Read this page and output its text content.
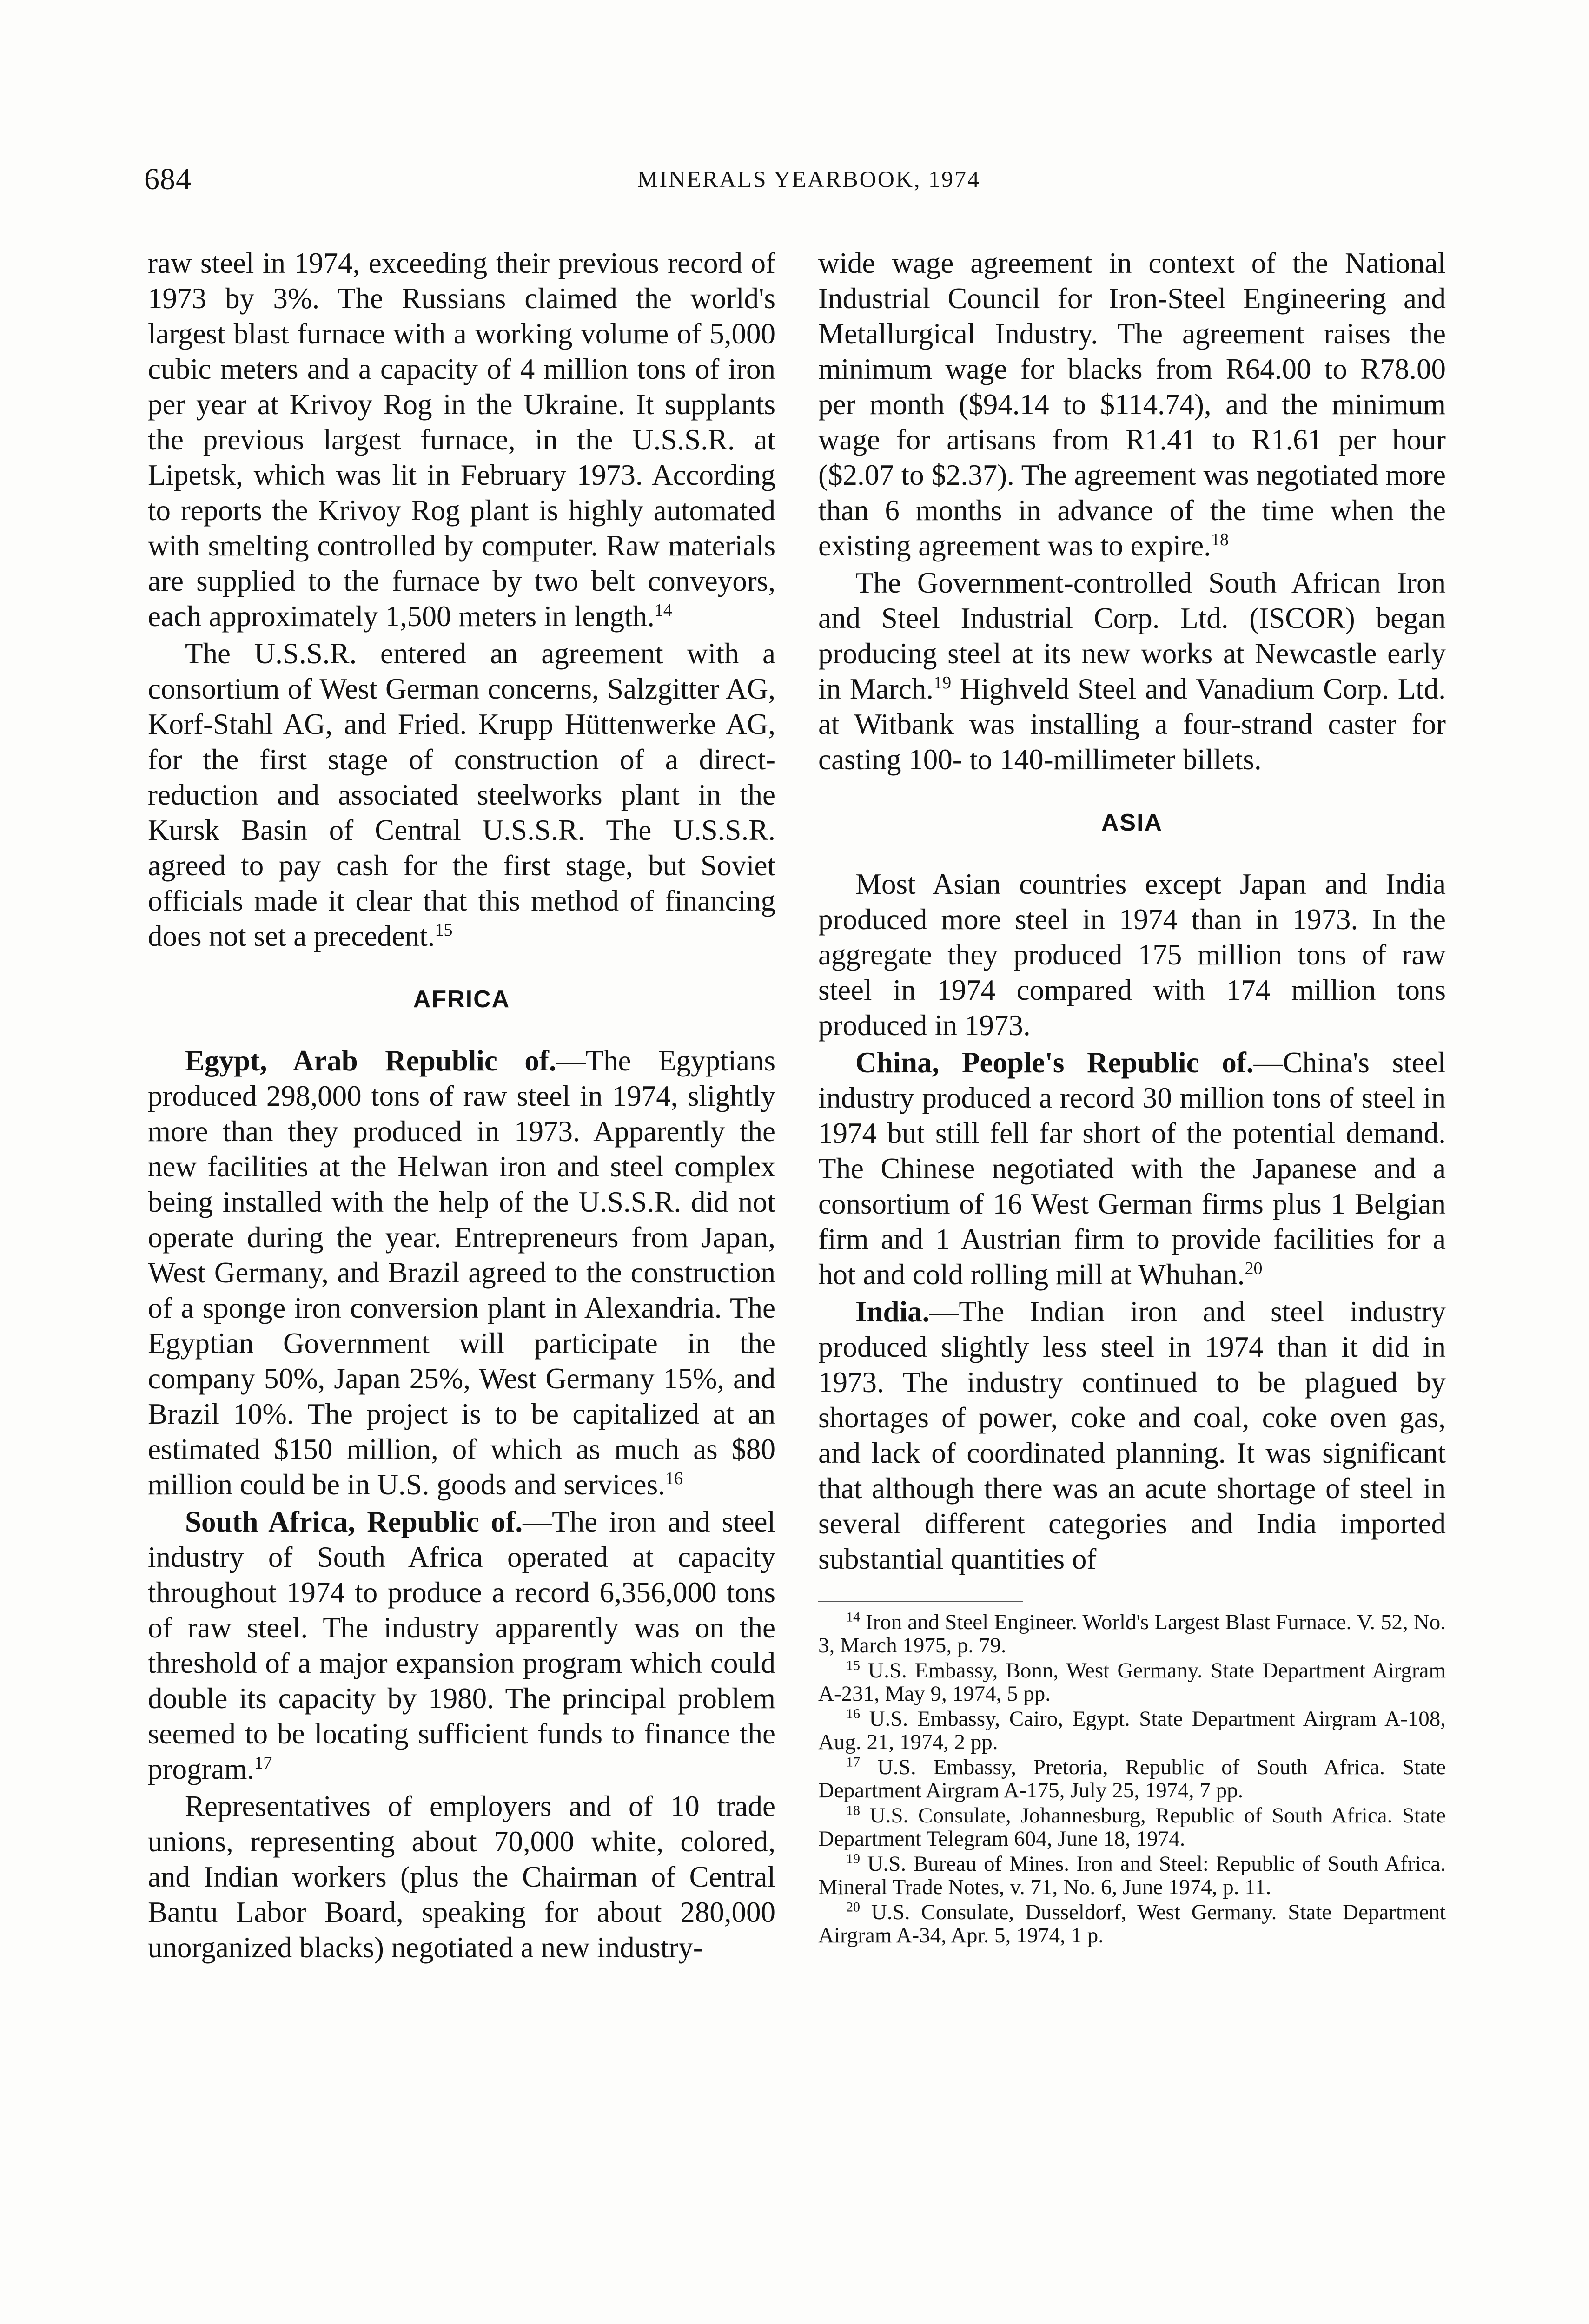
684	MINERALS YEARBOOK, 1974

raw steel in 1974, exceeding their previous record of 1973 by 3%. The Russians claimed the world's largest blast furnace with a working volume of 5,000 cubic meters and a capacity of 4 million tons of iron per year at Krivoy Rog in the Ukraine. It supplants the previous largest furnace, in the U.S.S.R. at Lipetsk, which was lit in February 1973. According to reports the Krivoy Rog plant is highly automated with smelting controlled by computer. Raw materials are supplied to the furnace by two belt conveyors, each approximately 1,500 meters in length.$^{14}$

The U.S.S.R. entered an agreement with a consortium of West German concerns, Salzgitter AG, Korf-Stahl AG, and Fried. Krupp Hüttenwerke AG, for the first stage of construction of a direct-reduction and associated steelworks plant in the Kursk Basin of Central U.S.S.R. The U.S.S.R. agreed to pay cash for the first stage, but Soviet officials made it clear that this method of financing does not set a precedent.$^{15}$

AFRICA

Egypt, Arab Republic of.—The Egyptians produced 298,000 tons of raw steel in 1974, slightly more than they produced in 1973. Apparently the new facilities at the Helwan iron and steel complex being installed with the help of the U.S.S.R. did not operate during the year. Entrepreneurs from Japan, West Germany, and Brazil agreed to the construction of a sponge iron conversion plant in Alexandria. The Egyptian Government will participate in the company 50%, Japan 25%, West Germany 15%, and Brazil 10%. The project is to be capitalized at an estimated $150 million, of which as much as $80 million could be in U.S. goods and services.$^{16}$

South Africa, Republic of.—The iron and steel industry of South Africa operated at capacity throughout 1974 to produce a record 6,356,000 tons of raw steel. The industry apparently was on the threshold of a major expansion program which could double its capacity by 1980. The principal problem seemed to be locating sufficient funds to finance the program.$^{17}$

Representatives of employers and of 10 trade unions, representing about 70,000 white, colored, and Indian workers (plus the Chairman of Central Bantu Labor Board, speaking for about 280,000 unorganized blacks) negotiated a new industry-

wide wage agreement in context of the National Industrial Council for Iron-Steel Engineering and Metallurgical Industry. The agreement raises the minimum wage for blacks from R64.00 to R78.00 per month ($94.14 to $114.74), and the minimum wage for artisans from R1.41 to R1.61 per hour ($2.07 to $2.37). The agreement was negotiated more than 6 months in advance of the time when the existing agreement was to expire.$^{18}$

The Government-controlled South African Iron and Steel Industrial Corp. Ltd. (ISCOR) began producing steel at its new works at Newcastle early in March.$^{19}$ Highveld Steel and Vanadium Corp. Ltd. at Witbank was installing a four-strand caster for casting 100- to 140-millimeter billets.

ASIA

Most Asian countries except Japan and India produced more steel in 1974 than in 1973. In the aggregate they produced 175 million tons of raw steel in 1974 compared with 174 million tons produced in 1973.

China, People's Republic of.—China's steel industry produced a record 30 million tons of steel in 1974 but still fell far short of the potential demand. The Chinese negotiated with the Japanese and a consortium of 16 West German firms plus 1 Belgian firm and 1 Austrian firm to provide facilities for a hot and cold rolling mill at Whuhan.$^{20}$

India.—The Indian iron and steel industry produced slightly less steel in 1974 than it did in 1973. The industry continued to be plagued by shortages of power, coke and coal, coke oven gas, and lack of coordinated planning. It was significant that although there was an acute shortage of steel in several different categories and India imported substantial quantities of

$^{14}$ Iron and Steel Engineer. World's Largest Blast Furnace. V. 52, No. 3, March 1975, p. 79.

$^{15}$ U.S. Embassy, Bonn, West Germany. State Department Airgram A-231, May 9, 1974, 5 pp.

$^{16}$ U.S. Embassy, Cairo, Egypt. State Department Airgram A-108, Aug. 21, 1974, 2 pp.

$^{17}$ U.S. Embassy, Pretoria, Republic of South Africa. State Department Airgram A-175, July 25, 1974, 7 pp.

$^{18}$ U.S. Consulate, Johannesburg, Republic of South Africa. State Department Telegram 604, June 18, 1974.

$^{19}$ U.S. Bureau of Mines. Iron and Steel: Republic of South Africa. Mineral Trade Notes, v. 71, No. 6, June 1974, p. 11.

$^{20}$ U.S. Consulate, Dusseldorf, West Germany. State Department Airgram A-34, Apr. 5, 1974, 1 p.
